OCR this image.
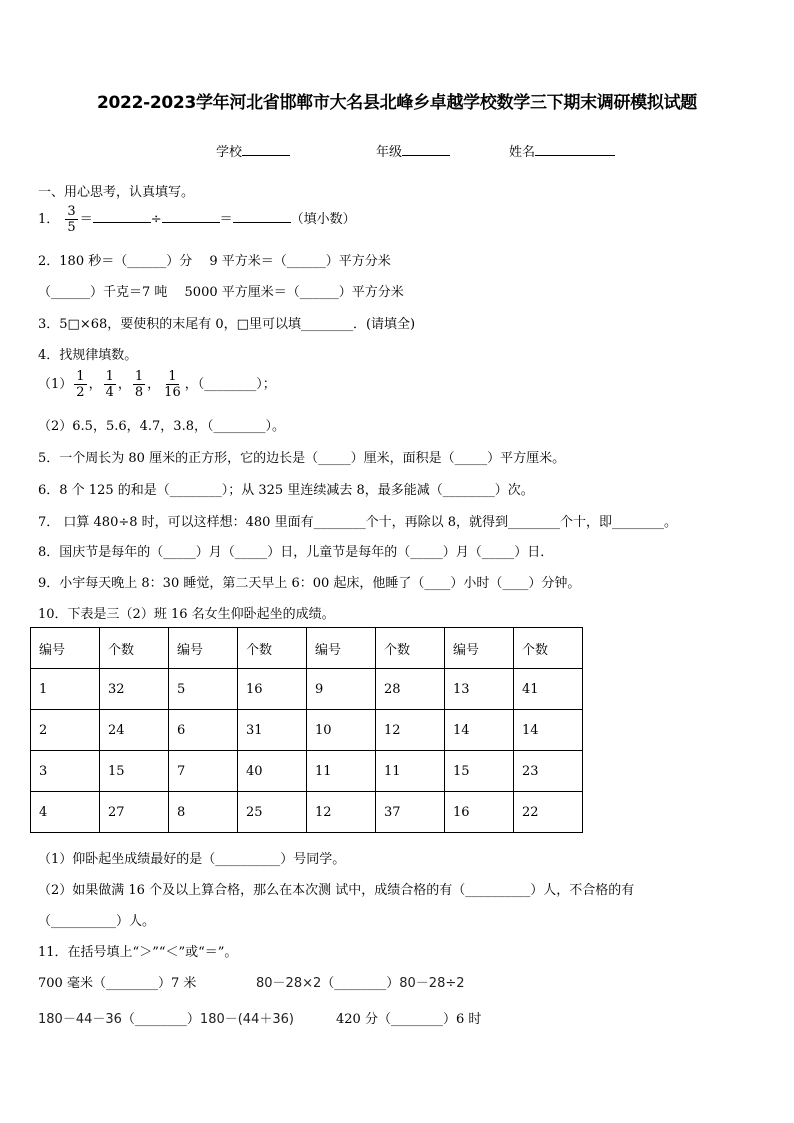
2022-2023学年河北省邯郸市大名县北峰乡卓越学校数学三下期末调研模拟试题
学校	年级	姓名
一、用心思考，认真填写。
1． $\frac{3}{5}$ ＝	÷	＝	（填小数）
2．180 秒＝（______）分　 9 平方米＝（______）平方分米
（______）千克＝7 吨　 5000 平方厘米＝（______）平方分米
3．5□×68，要使积的末尾有 0，□里可以填________．(请填全)
4．找规律填数。
$(1) \frac{1}{2}$ ， $\frac{1}{4}$ ， $\frac{1}{8}$ ， $\frac{1}{16}$ ，（________）；
（2）6.5，5.6，4.7，3.8，（________）。
5．一个周长为 80 厘米的正方形，它的边长是（_____）厘米，面积是（_____）平方厘米。
6．8 个 125 的和是（________）；从 325 里连续减去 8，最多能减（________）次。
7． 口算 480÷8 时，可以这样想：480 里面有________个十，再除以 8，就得到________个十，即________。
8．国庆节是每年的（_____）月（_____）日，儿童节是每年的（_____）月（_____）日．
9．小宇每天晚上 8：30 睡觉，第二天早上 6：00 起床，他睡了（____）小时（____）分钟。
10．下表是三（2）班 16 名女生仰卧起坐的成绩。
编号	个数	编号	个数	编号	个数	编号	个数
1	32	5	16	9	28	13	41
2	24	6	31	10	12	14	14
3	15	7	40	11	11	15	23
4	27	8	25	12	37	16	22
（1）仰卧起坐成绩最好的是（__________）号同学。
（2）如果做满 16 个及以上算合格，那么在本次测 试中，成绩合格的有（__________）人，不合格的有
（__________）人。
11．在括号填上“＞”“＜”或“＝”。
700 毫米（________）7 米	80－28×2（________）80－28÷2
180－44－36（________）180－(44＋36)	420 分（________）6 时
